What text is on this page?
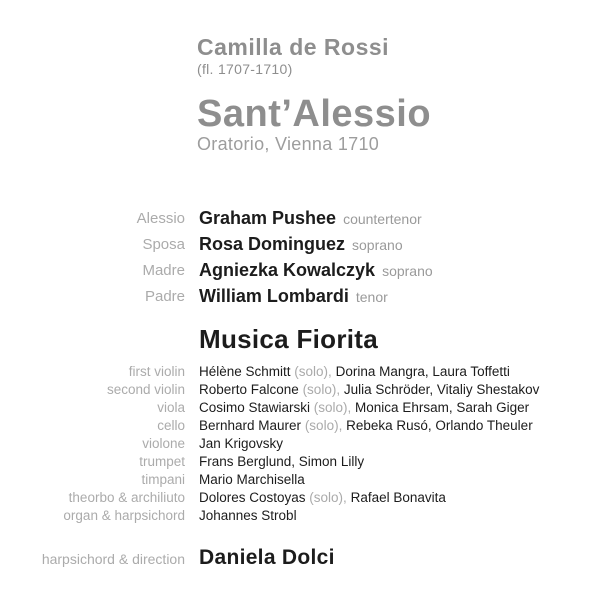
Camilla de Rossi
(fl. 1707-1710)
Sant’Alessio
Oratorio, Vienna 1710
Alessio Graham Pushee countertenor
Sposa Rosa Dominguez soprano
Madre Agniezka Kowalczyk soprano
Padre William Lombardi tenor
Musica Fiorita
first violin Hélène Schmitt (solo), Dorina Mangra, Laura Toffetti
second violin Roberto Falcone (solo), Julia Schröder, Vitaliy Shestakov
viola Cosimo Stawiarski (solo), Monica Ehrsam, Sarah Giger
cello Bernhard Maurer (solo), Rebeka Rusó, Orlando Theuler
violone Jan Krigovsky
trumpet Frans Berglund, Simon Lilly
timpani Mario Marchisella
theorbo & archiliuto Dolores Costoyas (solo), Rafael Bonavita
organ & harpsichord Johannes Strobl
harpsichord & direction Daniela Dolci
